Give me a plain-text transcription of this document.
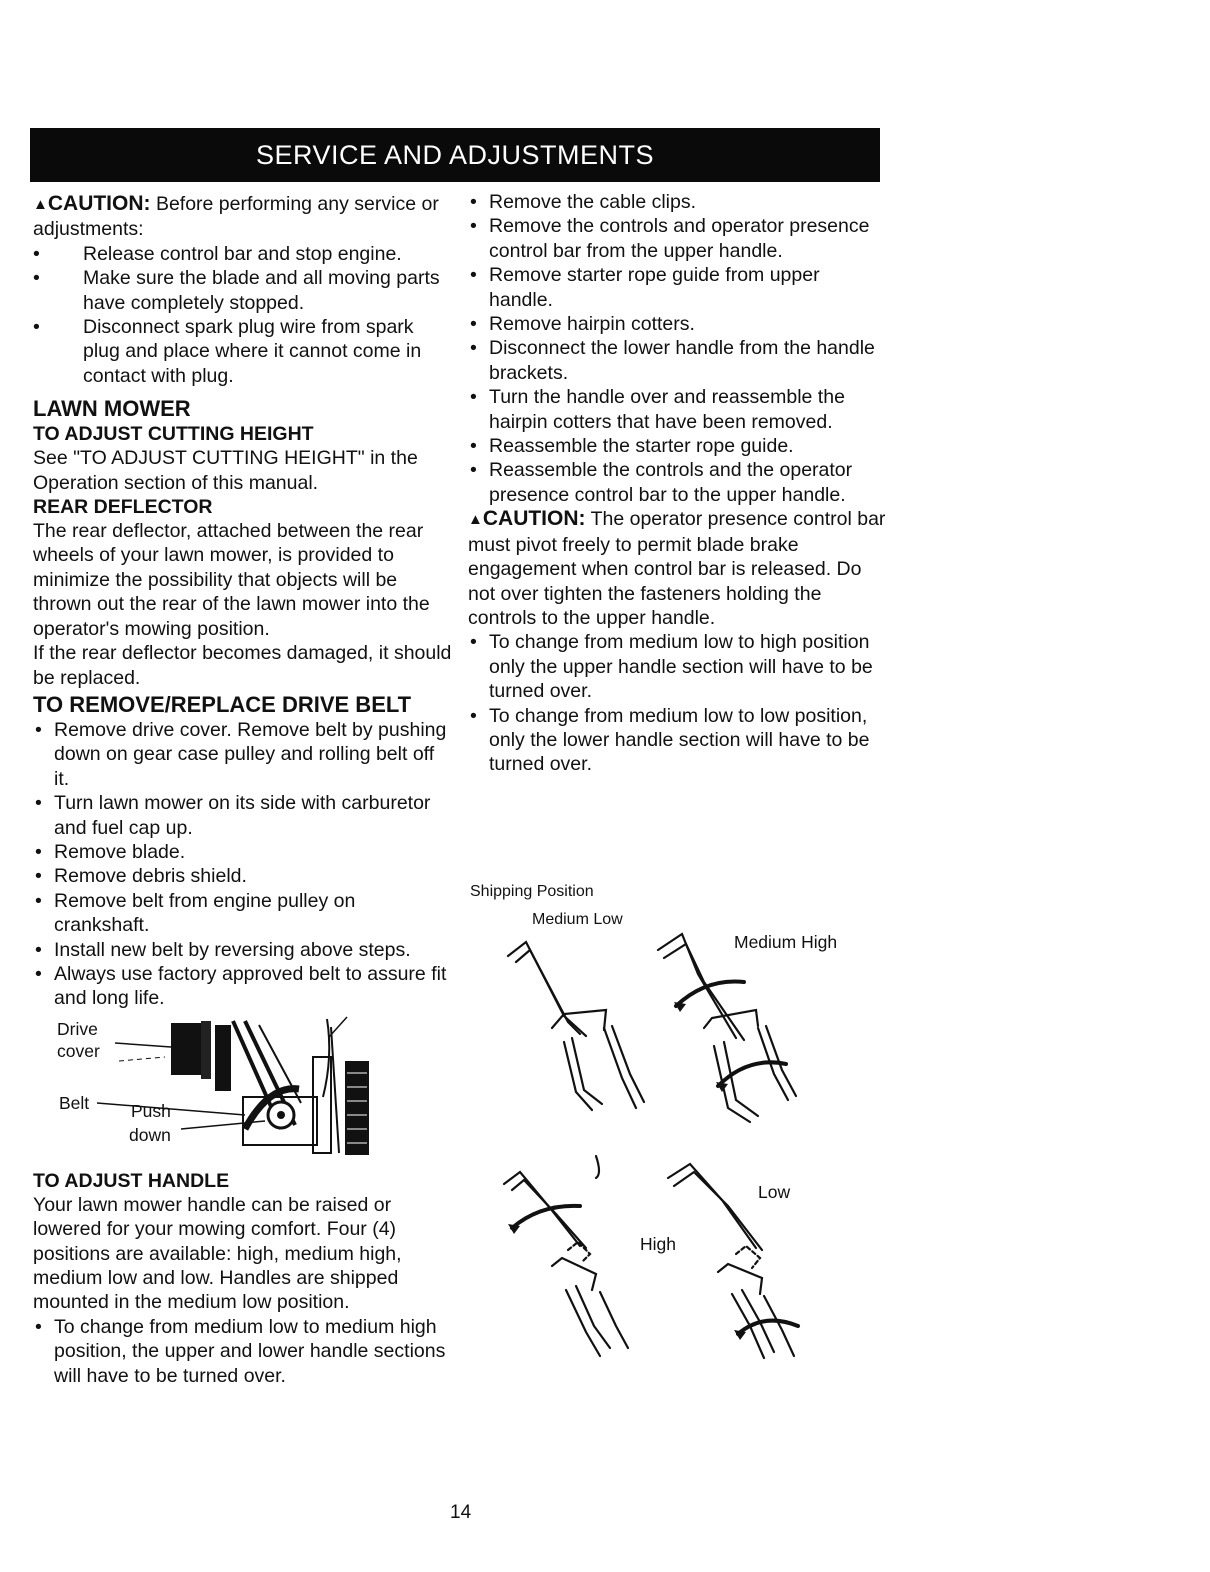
SERVICE AND ADJUSTMENTS

▲CAUTION: Before performing any service or adjustments:

• Release control bar and stop engine.
• Make sure the blade and all moving parts have completely stopped.
• Disconnect spark plug wire from spark plug and place where it cannot come in contact with plug.
LAWN MOWER
TO ADJUST CUTTING HEIGHT

See "TO ADJUST CUTTING HEIGHT" in the Operation section of this manual.

REAR DEFLECTOR

The rear deflector, attached between the rear wheels of your lawn mower, is provided to minimize the possibility that objects will be thrown out the rear of the lawn mower into the operator's mowing position.

If the rear deflector becomes damaged, it should be replaced.

TO REMOVE/REPLACE DRIVE BELT
• Remove drive cover. Remove belt by pushing down on gear case pulley and rolling belt off it.
• Turn lawn mower on its side with carburetor and fuel cap up.
• Remove blade.
• Remove debris shield.
• Remove belt from engine pulley on crankshaft.
• Install new belt by reversing above steps.
• Always use factory approved belt to assure fit and long life.
Drive
cover
Belt Push
down
TO ADJUST HANDLE

Your lawn mower handle can be raised or lowered for your mowing comfort. Four (4) positions are available: high, medium high, medium low and low. Handles are shipped mounted in the medium low position.

• To change from medium low to medium high position, the upper and lower handle sections will have to be turned over.
• Remove the cable clips.
• Remove the controls and operator presence control bar from the upper handle.
• Remove starter rope guide from upper handle.
• Remove hairpin cotters.
• Disconnect the lower handle from the handle brackets.
• Turn the handle over and reassemble the hairpin cotters that have been removed.
• Reassemble the starter rope guide.
• Reassemble the controls and the operator presence control bar to the upper handle.

▲CAUTION: The operator presence control bar must pivot freely to permit blade brake engagement when control bar is released. Do not over tighten the fasteners holding the controls to the upper handle.

• To change from medium low to high position only the upper handle section will have to be turned over.
• To change from medium low to low position, only the lower handle section will have to be turned over.
Shipping Position
Medium Low
Medium High
High
Low
14
